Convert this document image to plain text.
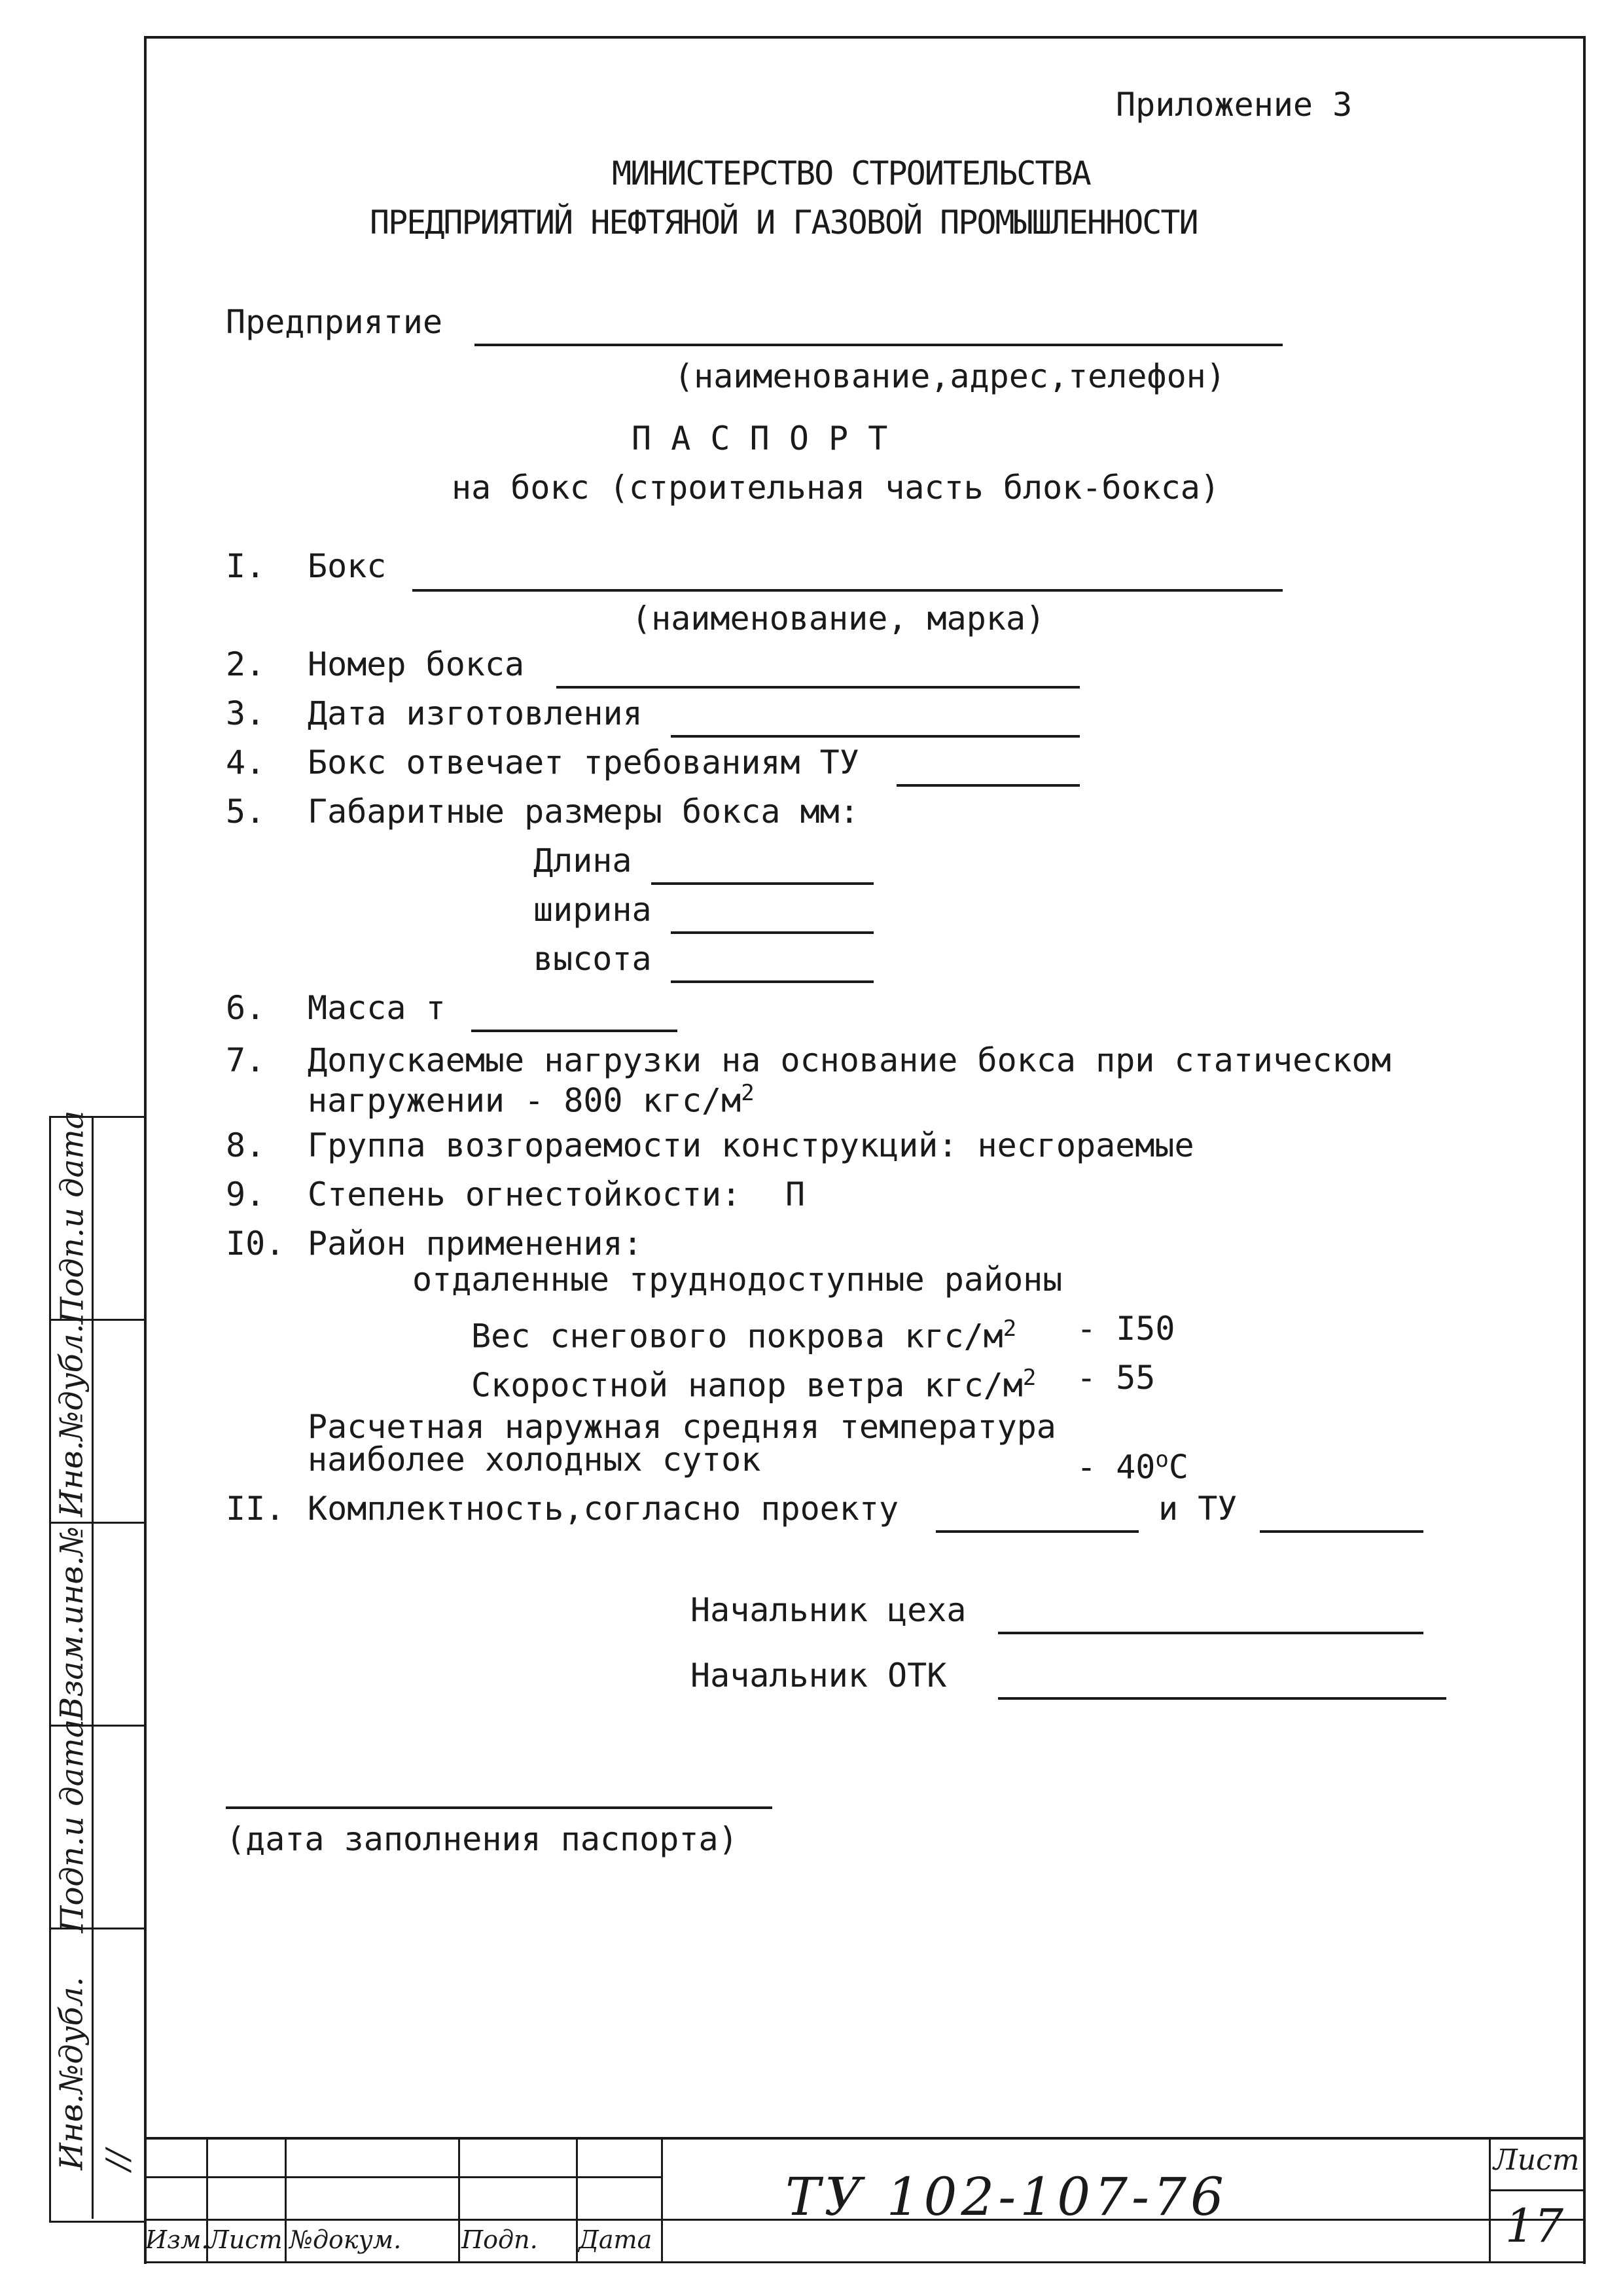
Подп.и дата
Инв.№дубл.
Взам.инв.№
Подп.и дата
Инв.№дубл. //
Приложение 3
МИНИСТЕРСТВО СТРОИТЕЛЬСТВА
ПРЕДПРИЯТИЙ НЕФТЯНОЙ И ГАЗОВОЙ ПРОМЫШЛЕННОСТИ
Предприятие
(наименование,адрес,телефон)
П А С П О Р Т
на бокс (строительная часть блок-бокса)
I. Бокс
(наименование, марка)
2. Номер бокса
3. Дата изготовления
4. Бокс отвечает требованиям ТУ
5. Габаритные размеры бокса мм:
Длина
ширина
высота
6. Масса т
7. Допускаемые нагрузки на основание бокса при статическом
нагружении - 800 кгс/$м^2$
8. Группа возгораемости конструкций: несгораемые
9. Степень огнестойкости: П
I0. Район применения:
отдаленные труднодоступные районы
Вес снегового покрова кгс/$м^2 - I50$
Скоростной напор ветра кгс/$м^2 - 55$
Расчетная наружная средняя температура
наиболее холодных суток	- $40^оС$
II. Комплектность,согласно проекту	и ТУ
Начальник цеха
Начальник ОТК
(дата заполнения паспорта)
Изм.
Лист №докум. Подп. Дата
ТУ 102-107-76
Лист
17
